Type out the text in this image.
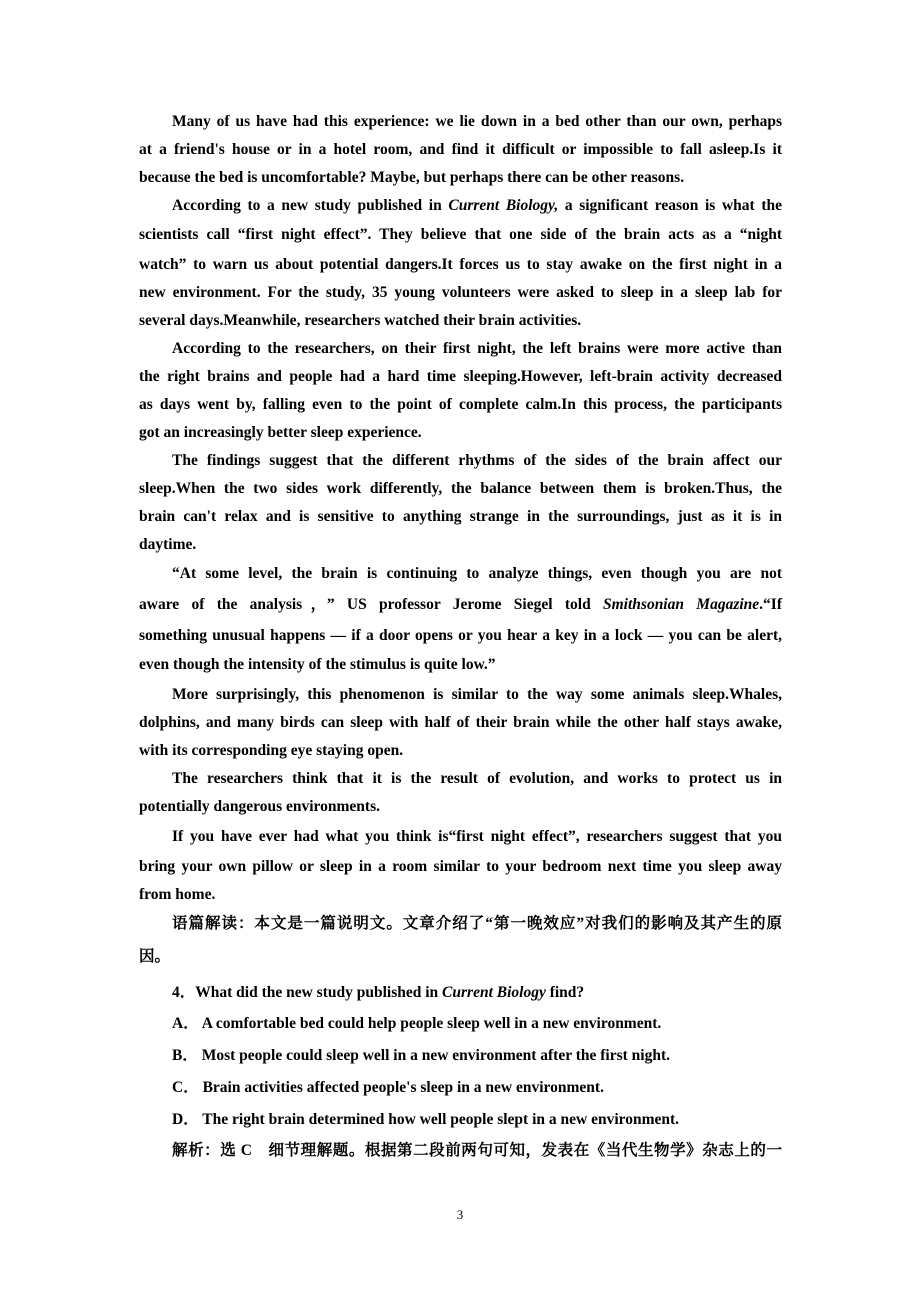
Many of us have had this experience: we lie down in a bed other than our own, perhaps
at a friend's house or in a hotel room, and find it difficult or impossible to fall asleep.Is it
because the bed is uncomfortable? Maybe, but perhaps there can be other reasons.
According to a new study published in Current Biology, a significant reason is what the
scientists call “first night effect”. They believe that one side of the brain acts as a “night
watch” to warn us about potential dangers.It forces us to stay awake on the first night in a
new environment. For the study, 35 young volunteers were asked to sleep in a sleep lab for
several days.Meanwhile, researchers watched their brain activities.
According to the researchers, on their first night, the left brains were more active than
the right brains and people had a hard time sleeping.However, left-brain activity decreased
as days went by, falling even to the point of complete calm.In this process, the participants
got an increasingly better sleep experience.
The findings suggest that the different rhythms of the sides of the brain affect our
sleep.When the two sides work differently, the balance between them is broken.Thus, the
brain can't relax and is sensitive to anything strange in the surroundings, just as it is in
daytime.
“At some level, the brain is continuing to analyze things, even though you are not
aware of the analysis，” US professor Jerome Siegel told Smithsonian Magazine.“If
something unusual happens — if a door opens or you hear a key in a lock — you can be alert,
even though the intensity of the stimulus is quite low.”
More surprisingly, this phenomenon is similar to the way some animals sleep.Whales,
dolphins, and many birds can sleep with half of their brain while the other half stays awake,
with its corresponding eye staying open.
The researchers think that it is the result of evolution, and works to protect us in
potentially dangerous environments.
If you have ever had what you think is“first night effect”, researchers suggest that you
bring your own pillow or sleep in a room similar to your bedroom next time you sleep away
from home.
语篇解读：本文是一篇说明文。文章介绍了“第一晚效应”对我们的影响及其产生的原
因。
4．What did the new study published in Current Biology find?
A． A comfortable bed could help people sleep well in a new environment.
B． Most people could sleep well in a new environment after the first night.
C． Brain activities affected people's sleep in a new environment.
D． The right brain determined how well people slept in a new environment.
解析：选 C　细节理解题。根据第二段前两句可知，发表在《当代生物学》杂志上的一
3
